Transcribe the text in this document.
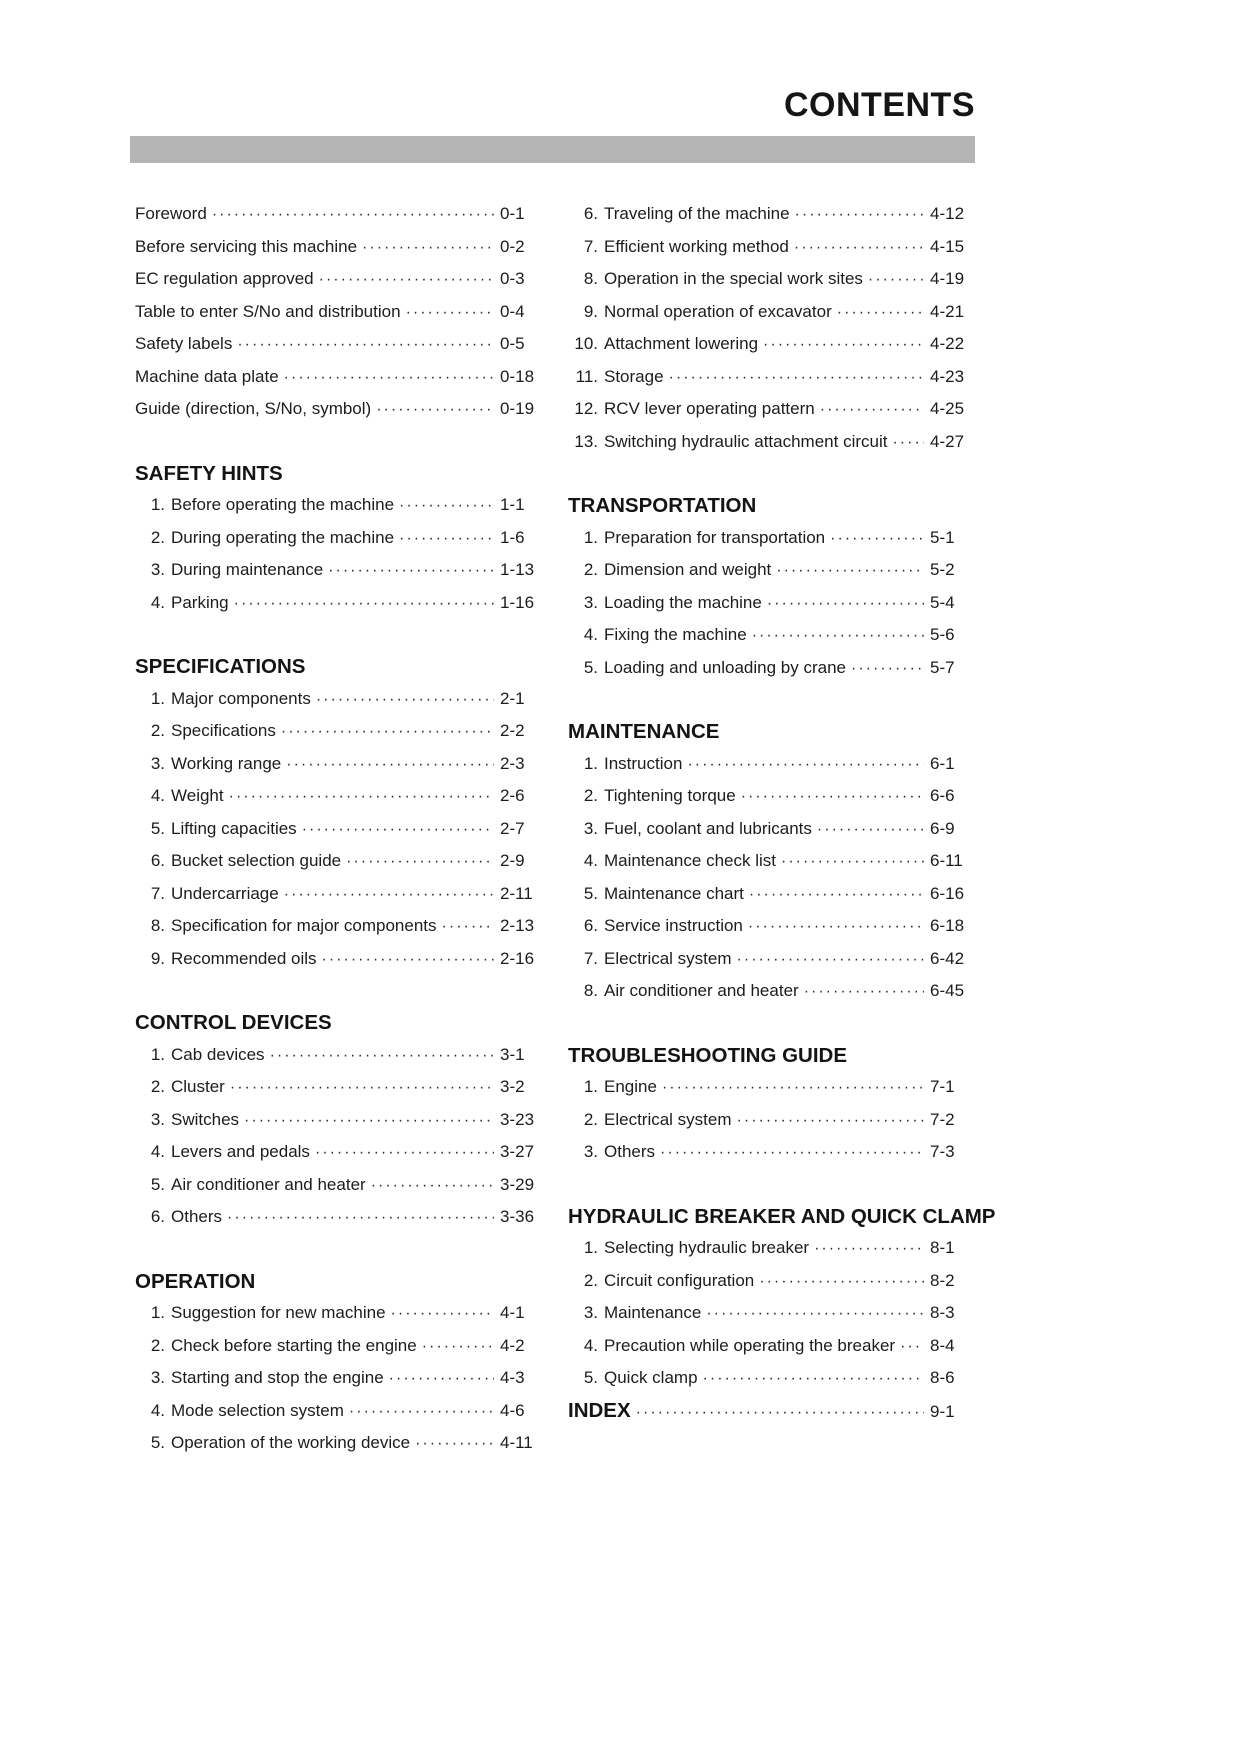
CONTENTS
Foreword ·····	0-1
Before servicing this machine ·····	0-2
EC regulation approved ·····	0-3
Table to enter S/No and distribution ·····	0-4
Safety labels ·····	0-5
Machine data plate ·····	0-18
Guide (direction, S/No, symbol) ·····	0-19
SAFETY HINTS
1. Before operating the machine ·····	1-1
2. During operating the machine ·····	1-6
3. During maintenance ·····	1-13
4. Parking ·····	1-16
SPECIFICATIONS
1. Major components ·····	2-1
2. Specifications ·····	2-2
3. Working range ·····	2-3
4. Weight ·····	2-6
5. Lifting capacities ·····	2-7
6. Bucket selection guide ·····	2-9
7. Undercarriage ·····	2-11
8. Specification for major components ·····	2-13
9. Recommended oils ·····	2-16
CONTROL DEVICES
1. Cab devices ·····	3-1
2. Cluster ·····	3-2
3. Switches ·····	3-23
4. Levers and pedals ·····	3-27
5. Air conditioner and heater ·····	3-29
6. Others ·····	3-36
OPERATION
1. Suggestion for new machine ·····	4-1
2. Check before starting the engine ·····	4-2
3. Starting and stop the engine ·····	4-3
4. Mode selection system ·····	4-6
5. Operation of the working device ·····	4-11
6. Traveling of the machine ·····	4-12
7. Efficient working method ·····	4-15
8. Operation in the special work sites ·····	4-19
9. Normal operation of excavator ·····	4-21
10. Attachment lowering ·····	4-22
11. Storage ·····	4-23
12. RCV lever operating pattern ·····	4-25
13. Switching hydraulic attachment circuit ·····	4-27
TRANSPORTATION
1. Preparation for transportation ·····	5-1
2. Dimension and weight ·····	5-2
3. Loading the machine ·····	5-4
4. Fixing the machine ·····	5-6
5. Loading and unloading by crane ·····	5-7
MAINTENANCE
1. Instruction ·····	6-1
2. Tightening torque ·····	6-6
3. Fuel, coolant and lubricants ·····	6-9
4. Maintenance check list ·····	6-11
5. Maintenance chart ·····	6-16
6. Service instruction ·····	6-18
7. Electrical system ·····	6-42
8. Air conditioner and heater ·····	6-45
TROUBLESHOOTING GUIDE
1. Engine ·····	7-1
2. Electrical system ·····	7-2
3. Others ·····	7-3
HYDRAULIC BREAKER AND QUICK CLAMP
1. Selecting hydraulic breaker ·····	8-1
2. Circuit configuration ·····	8-2
3. Maintenance ·····	8-3
4. Precaution while operating the breaker ····· 8-4
5. Quick clamp ·····	8-6
INDEX ·····	9-1
